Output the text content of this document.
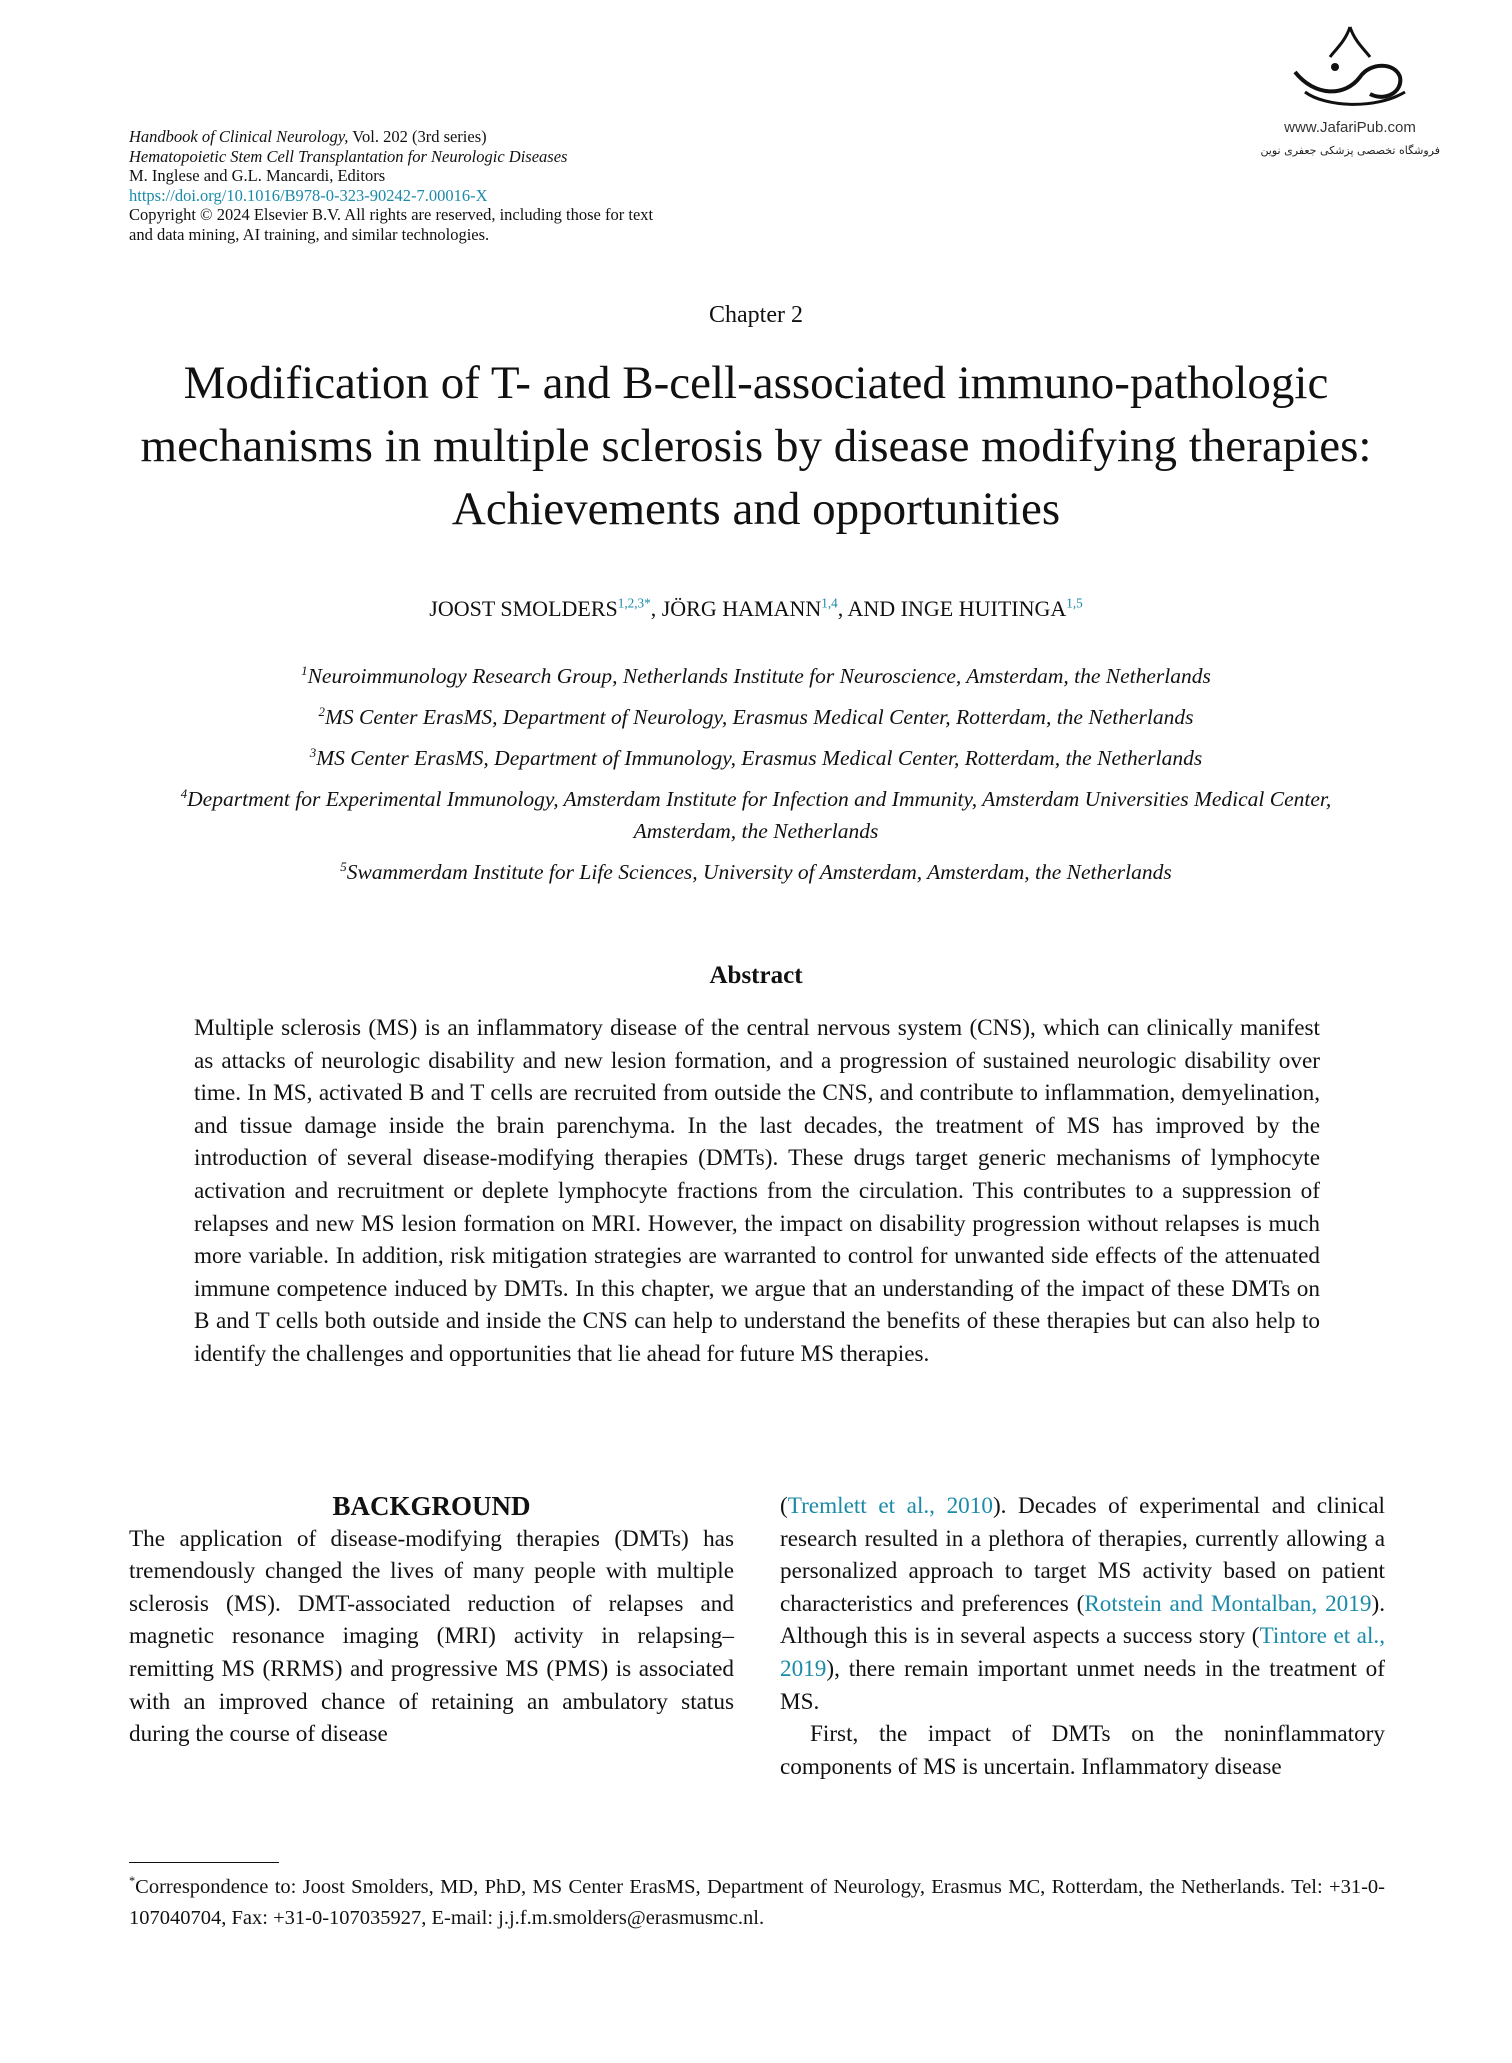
Handbook of Clinical Neurology, Vol. 202 (3rd series)
Hematopoietic Stem Cell Transplantation for Neurologic Diseases
M. Inglese and G.L. Mancardi, Editors
https://doi.org/10.1016/B978-0-323-90242-7.00016-X
Copyright © 2024 Elsevier B.V. All rights are reserved, including those for text
and data mining, AI training, and similar technologies.
www.JafariPub.com
فروشگاه تخصصی پزشکی جعفری نوین
Chapter 2
Modification of T- and B-cell-associated immuno-pathologic mechanisms in multiple sclerosis by disease modifying therapies: Achievements and opportunities
JOOST $SMOLDERS^{1,2,3*}$, JÖRG HAMANN$^{1,4}$, AND INGE HUITINGA$^{1,5}$
$^1$Neuroimmunology Research Group, Netherlands Institute for Neuroscience, Amsterdam, the Netherlands
$^2$MS Center ErasMS, Department of Neurology, Erasmus Medical Center, Rotterdam, the Netherlands
$^3$MS Center ErasMS, Department of Immunology, Erasmus Medical Center, Rotterdam, the Netherlands
$^4$Department for Experimental Immunology, Amsterdam Institute for Infection and Immunity, Amsterdam Universities Medical Center, Amsterdam, the Netherlands
$^5$Swammerdam Institute for Life Sciences, University of Amsterdam, Amsterdam, the Netherlands
Abstract
Multiple sclerosis (MS) is an inflammatory disease of the central nervous system (CNS), which can clinically manifest as attacks of neurologic disability and new lesion formation, and a progression of sustained neurologic disability over time. In MS, activated B and T cells are recruited from outside the CNS, and contribute to inflammation, demyelination, and tissue damage inside the brain parenchyma. In the last decades, the treatment of MS has improved by the introduction of several disease-modifying therapies (DMTs). These drugs target generic mechanisms of lymphocyte activation and recruitment or deplete lymphocyte fractions from the circulation. This contributes to a suppression of relapses and new MS lesion formation on MRI. However, the impact on disability progression without relapses is much more variable. In addition, risk mitigation strategies are warranted to control for unwanted side effects of the attenuated immune competence induced by DMTs. In this chapter, we argue that an understanding of the impact of these DMTs on B and T cells both outside and inside the CNS can help to understand the benefits of these therapies but can also help to identify the challenges and opportunities that lie ahead for future MS therapies.
BACKGROUND

The application of disease-modifying therapies (DMTs) has tremendously changed the lives of many people with multiple sclerosis (MS). DMT-associated reduction of relapses and magnetic resonance imaging (MRI) activity in relapsing–remitting MS (RRMS) and progressive MS (PMS) is associated with an improved chance of retaining an ambulatory status during the course of disease

(Tremlett et al., 2010). Decades of experimental and clinical research resulted in a plethora of therapies, currently allowing a personalized approach to target MS activity based on patient characteristics and preferences (Rotstein and Montalban, 2019). Although this is in several aspects a success story (Tintore et al., 2019), there remain important unmet needs in the treatment of MS.

First, the impact of DMTs on the noninflammatory components of MS is uncertain. Inflammatory disease

*Correspondence to: Joost Smolders, MD, PhD, MS Center ErasMS, Department of Neurology, Erasmus MC, Rotterdam, the Netherlands. Tel: +31-0-107040704, Fax: +31-0-107035927, E-mail: j.j.f.m.smolders@erasmusmc.nl.
